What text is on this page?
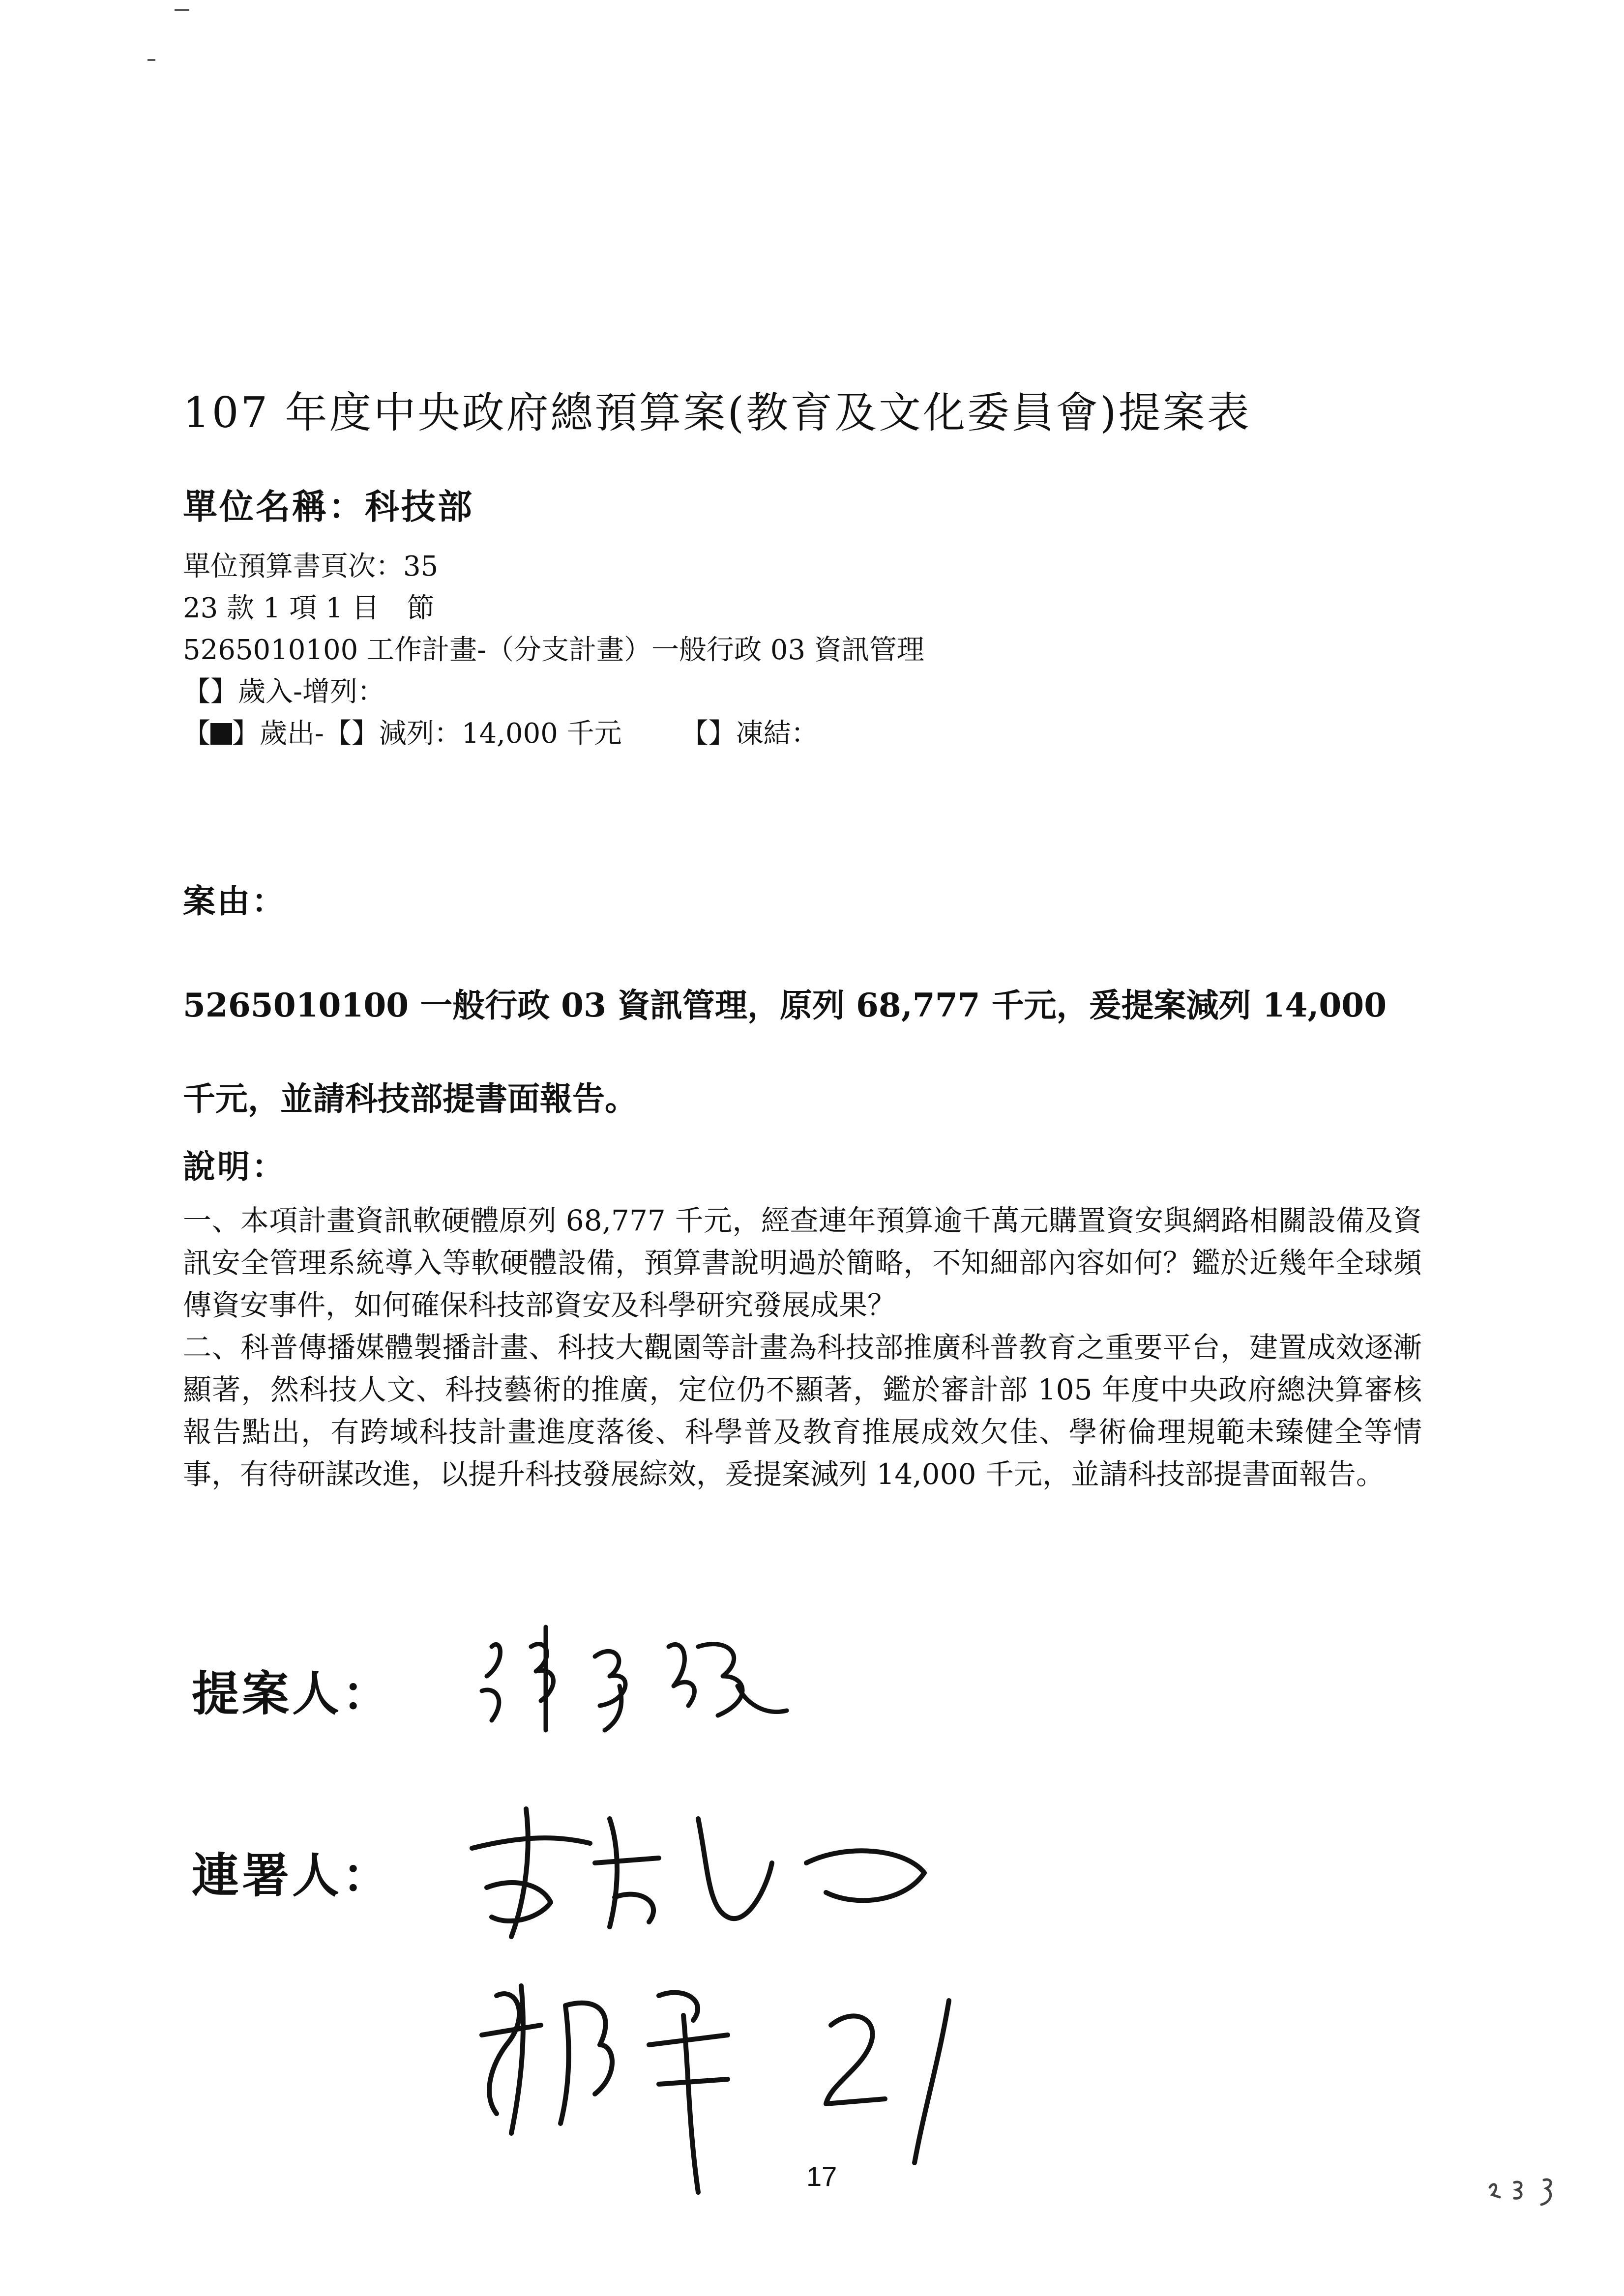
107 年度中央政府總預算案(教育及文化委員會)提案表
單位名稱：科技部
單位預算書頁次：35
23 款 1 項 1 目　節
5265010100 工作計畫-（分支計畫）一般行政 03 資訊管理
【】歲入-增列：
【 】歲出-【】減列：14,000 千元 【】凍結：
案由：
5265010100 一般行政 03 資訊管理，原列 68,777 千元，爰提案減列 14,000
千元，並請科技部提書面報告。
說明：

一、本項計畫資訊軟硬體原列 68,777 千元，經查連年預算逾千萬元購置資安與網路相關設備及資訊安全管理系統導入等軟硬體設備，預算書說明過於簡略，不知細部內容如何？鑑於近幾年全球頻傳資安事件，如何確保科技部資安及科學研究發展成果？

二、科普傳播媒體製播計畫、科技大觀園等計畫為科技部推廣科普教育之重要平台，建置成效逐漸顯著，然科技人文、科技藝術的推廣，定位仍不顯著，鑑於審計部 105 年度中央政府總決算審核報告點出，有跨域科技計畫進度落後、科學普及教育推展成效欠佳、學術倫理規範未臻健全等情事，有待研謀改進，以提升科技發展綜效，爰提案減列 14,000 千元，並請科技部提書面報告。

提案人：
連署人：
17
